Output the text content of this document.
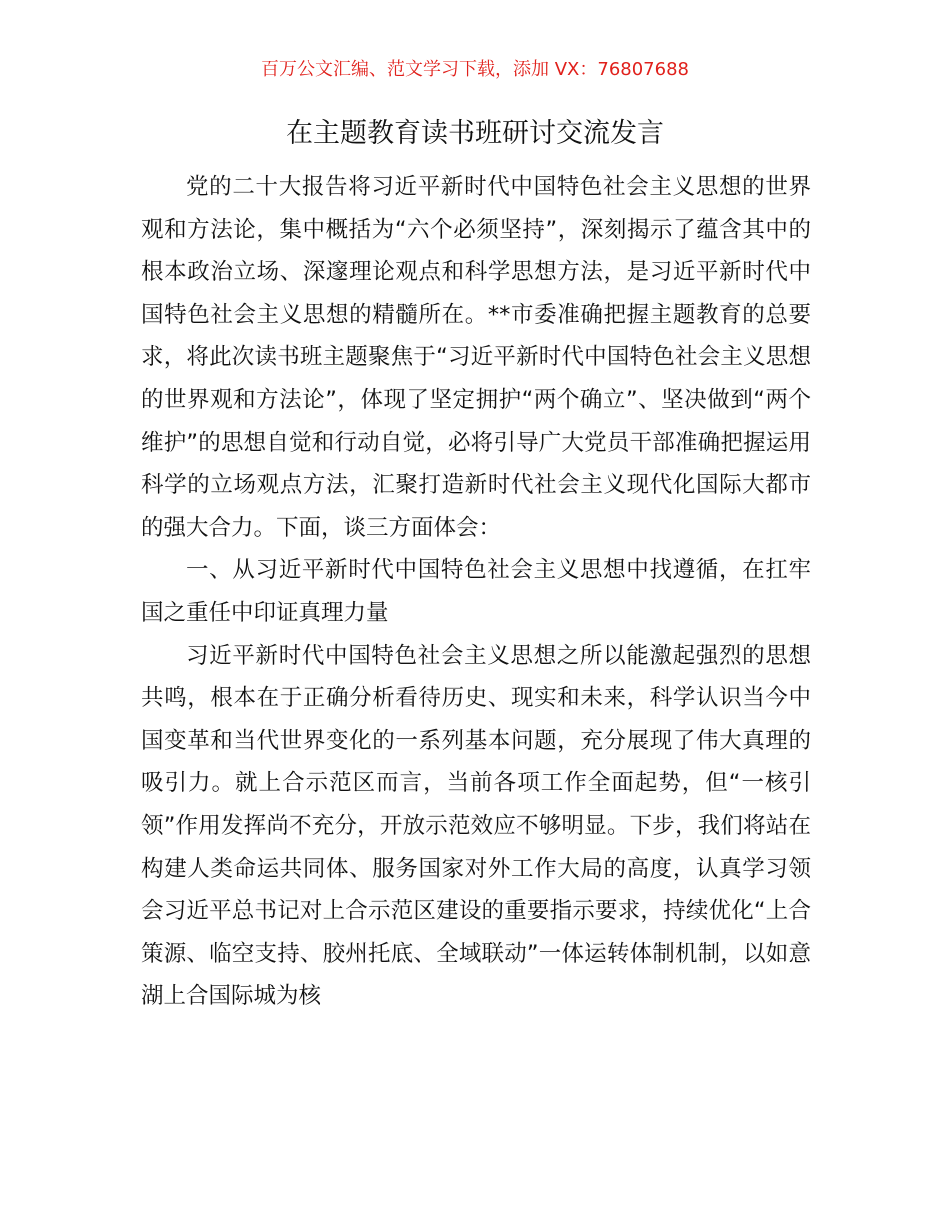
百万公文汇编、范文学习下载，添加 VX：76807688
在主题教育读书班研讨交流发言

党的二十大报告将习近平新时代中国特色社会主义思想的世界观和方法论，集中概括为“六个必须坚持”，深刻揭示了蕴含其中的根本政治立场、深邃理论观点和科学思想方法，是习近平新时代中国特色社会主义思想的精髓所在。**市委准确把握主题教育的总要求，将此次读书班主题聚焦于“习近平新时代中国特色社会主义思想的世界观和方法论”，体现了坚定拥护“两个确立”、坚决做到“两个维护”的思想自觉和行动自觉，必将引导广大党员干部准确把握运用科学的立场观点方法，汇聚打造新时代社会主义现代化国际大都市的强大合力。下面，谈三方面体会：

一、从习近平新时代中国特色社会主义思想中找遵循，在扛牢国之重任中印证真理力量

习近平新时代中国特色社会主义思想之所以能激起强烈的思想共鸣，根本在于正确分析看待历史、现实和未来，科学认识当今中国变革和当代世界变化的一系列基本问题，充分展现了伟大真理的吸引力。就上合示范区而言，当前各项工作全面起势，但“一核引领”作用发挥尚不充分，开放示范效应不够明显。下步，我们将站在构建人类命运共同体、服务国家对外工作大局的高度，认真学习领会习近平总书记对上合示范区建设的重要指示要求，持续优化“上合策源、临空支持、胶州托底、全域联动”一体运转体制机制，以如意湖上合国际城为核
